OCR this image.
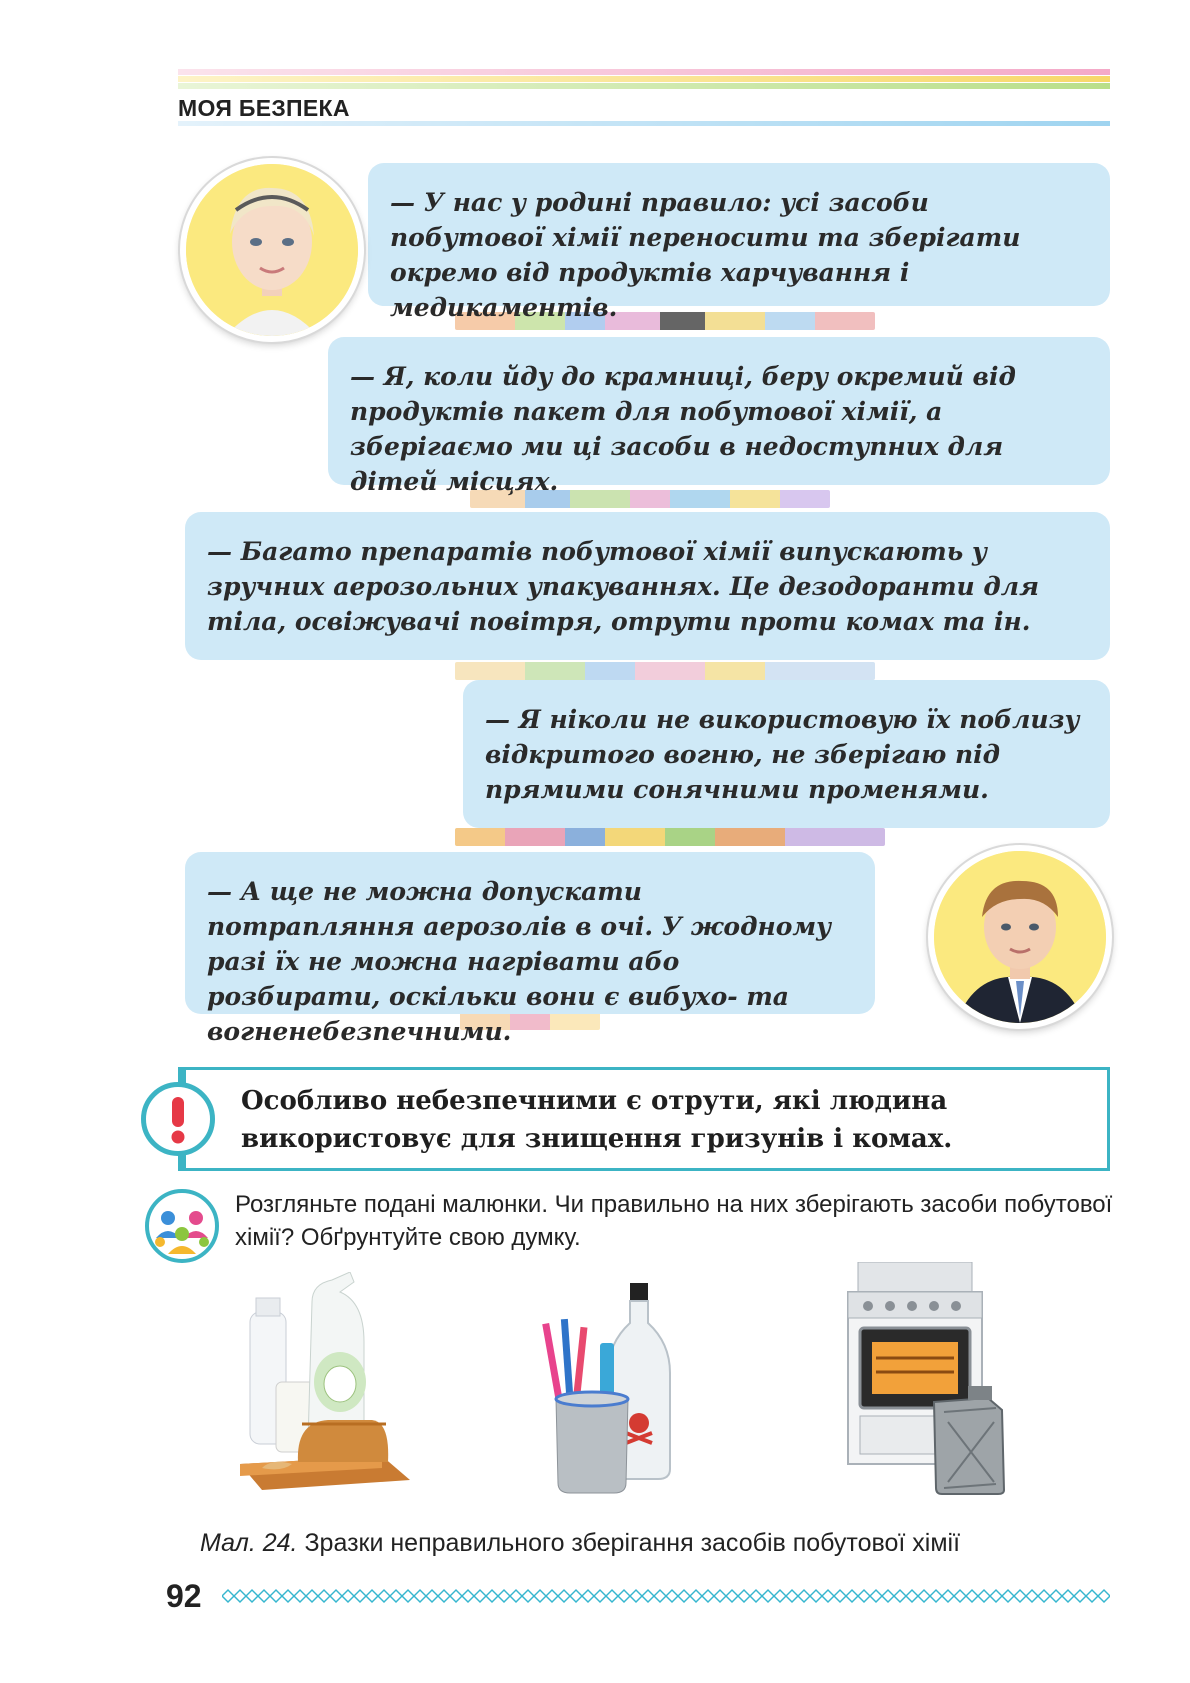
МОЯ БЕЗПЕКА

— У нас у родині правило: усі засоби побутової хімії переносити та зберігати окремо від продуктів харчування і медикаментів.

— Я, коли йду до крамниці, беру окремий від продуктів пакет для побутової хімії, а зберігаємо ми ці засоби в недоступних для дітей місцях.

— Багато препаратів побутової хімії випускають у зручних аерозольних упакуваннях. Це дезодоранти для тіла, освіжувачі повітря, отрути проти комах та ін.

— Я ніколи не використовую їх поблизу відкритого вогню, не зберігаю під прямими сонячними променями.

— А ще не можна допускати потрапляння аерозолів в очі. У жодному разі їх не можна нагрівати або розбирати, оскільки вони є вибухо- та вогненебезпечними.

Особливо небезпечними є отрути, які людина використовує для знищення гризунів і комах.

Розгляньте подані малюнки. Чи правильно на них зберігають засоби побутової хімії? Обґрунтуйте свою думку.

Мал. 24. Зразки неправильного зберігання засобів побутової хімії

92
